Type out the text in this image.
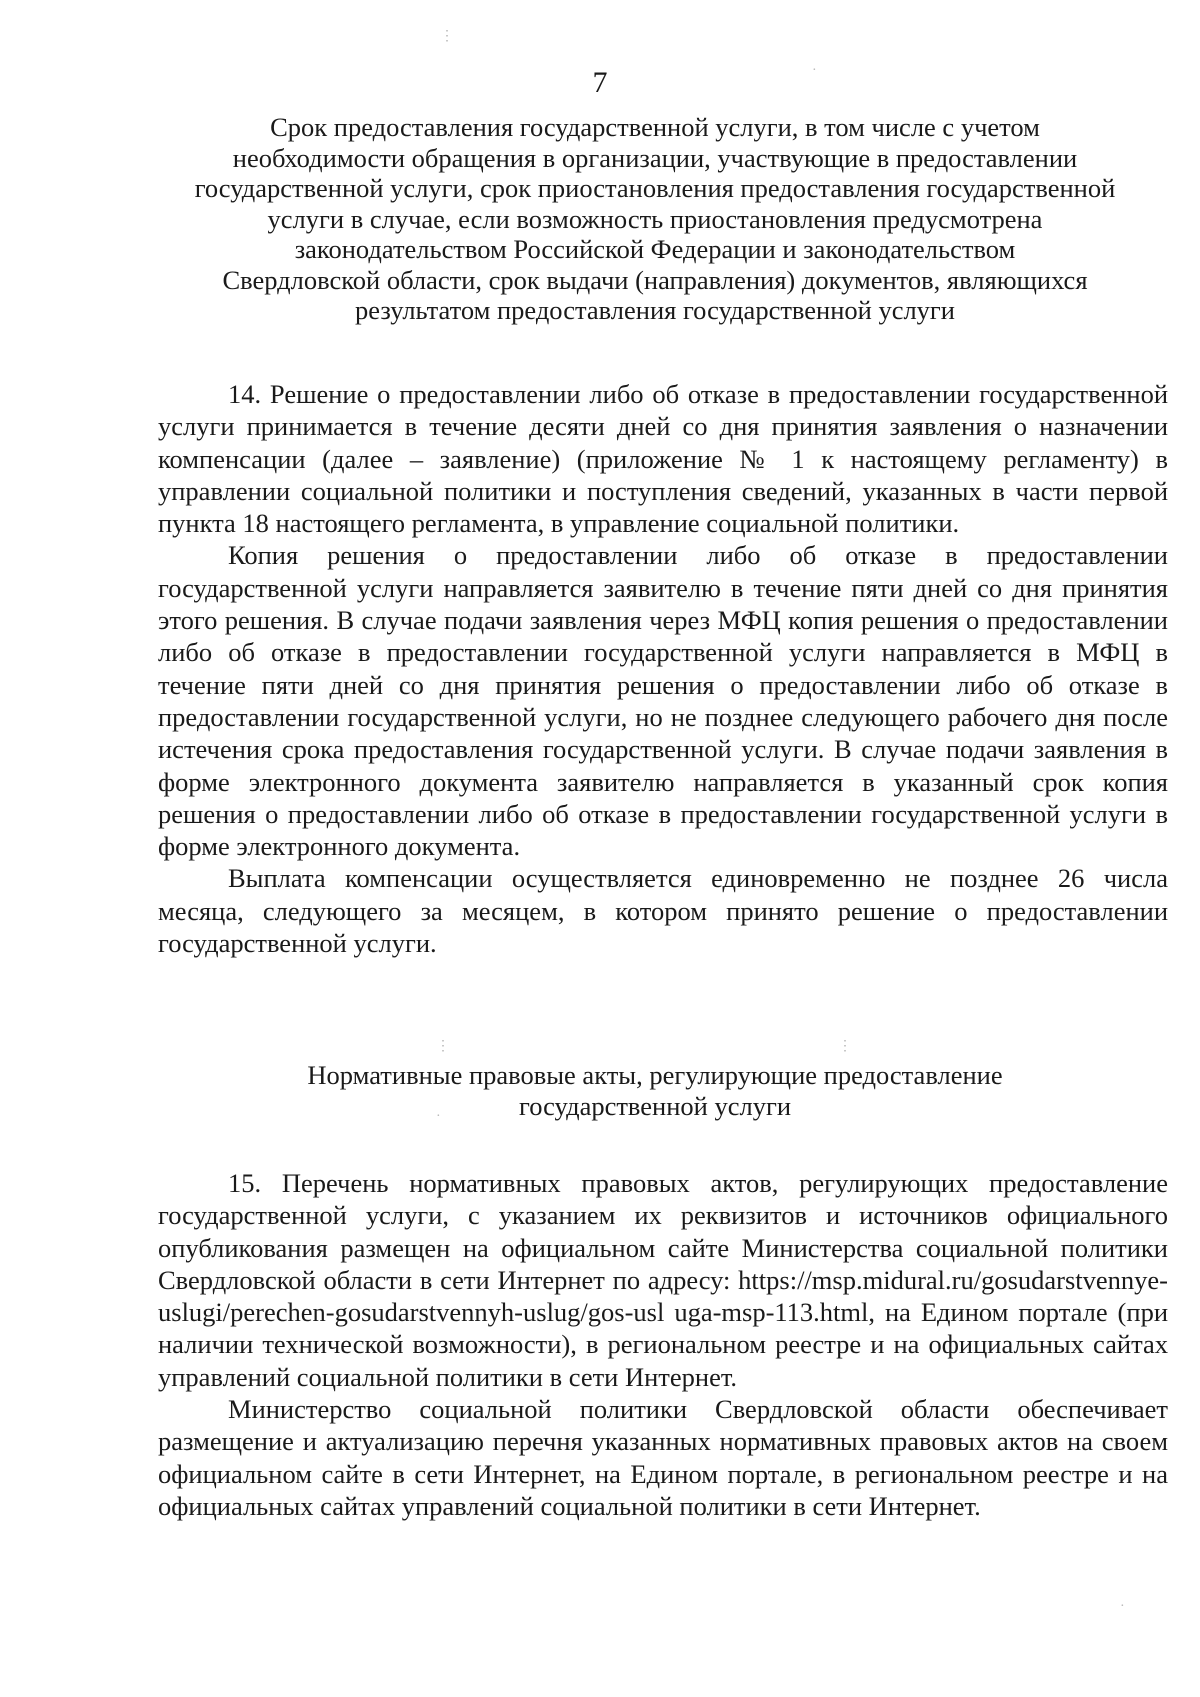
⋮
·
⋮	⋮
·
·
7
Срок предоставления государственной услуги, в том числе с учетом
необходимости обращения в организации, участвующие в предоставлении
государственной услуги, срок приостановления предоставления государственной
услуги в случае, если возможность приостановления предусмотрена
законодательством Российской Федерации и законодательством
Свердловской области, срок выдачи (направления) документов, являющихся
результатом предоставления государственной услуги

14. Решение о предоставлении либо об отказе в предоставлении государственной услуги принимается в течение десяти дней со дня принятия заявления о назначении компенсации (далее – заявление) (приложение № 1 к настоящему регламенту) в управлении социальной политики и поступления сведений, указанных в части первой пункта 18 настоящего регламента, в управление социальной политики.

Копия решения о предоставлении либо об отказе в предоставлении государственной услуги направляется заявителю в течение пяти дней со дня принятия этого решения. В случае подачи заявления через МФЦ копия решения о предоставлении либо об отказе в предоставлении государственной услуги направляется в МФЦ в течение пяти дней со дня принятия решения о предоставлении либо об отказе в предоставлении государственной услуги, но не позднее следующего рабочего дня после истечения срока предоставления государственной услуги. В случае подачи заявления в форме электронного документа заявителю направляется в указанный срок копия решения о предоставлении либо об отказе в предоставлении государственной услуги в форме электронного документа.

Выплата компенсации осуществляется единовременно не позднее 26 числа месяца, следующего за месяцем, в котором принято решение о предоставлении государственной услуги.

Нормативные правовые акты, регулирующие предоставление
государственной услуги

15. Перечень нормативных правовых актов, регулирующих предоставление государственной услуги, с указанием их реквизитов и источников официального опубликования размещен на официальном сайте Министерства социальной политики Свердловской области в сети Интернет по адресу: https://msp.midural.ru/gosudarstvennye-uslugi/perechen-gosudarstvennyh-uslug/gos-usl uga-msp-113.html, на Едином портале (при наличии технической возможности), в региональном реестре и на официальных сайтах управлений социальной политики в сети Интернет.

Министерство социальной политики Свердловской области обеспечивает размещение и актуализацию перечня указанных нормативных правовых актов на своем официальном сайте в сети Интернет, на Едином портале, в региональном реестре и на официальных сайтах управлений социальной политики в сети Интернет.
